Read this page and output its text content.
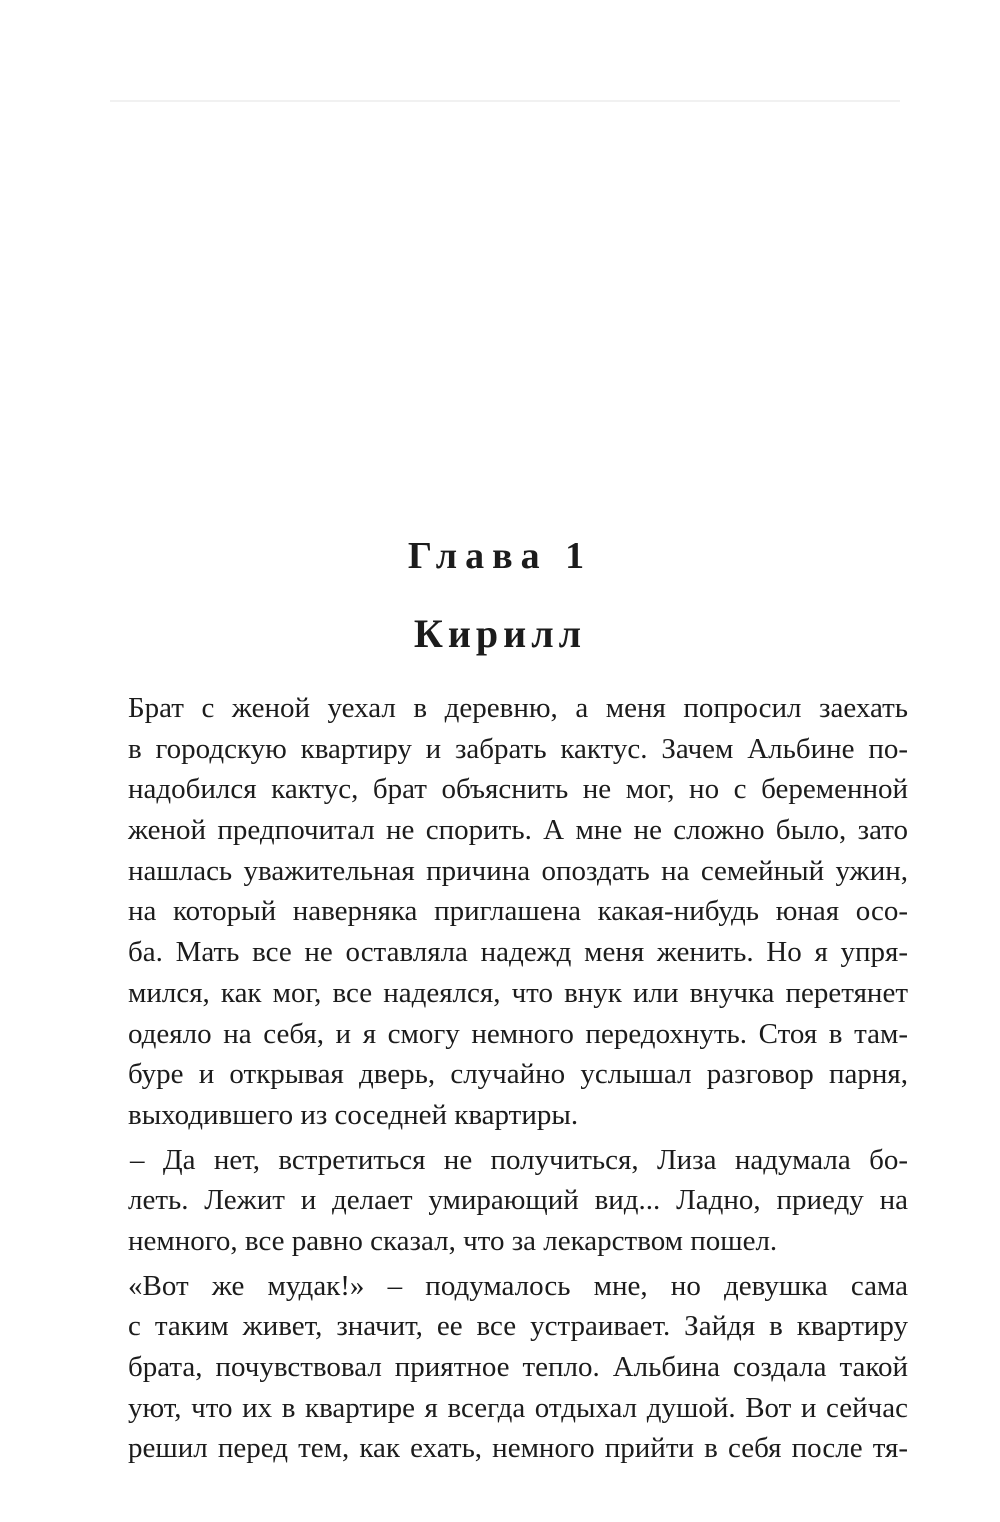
Глава 1
Кирилл
Брат с женой уехал в деревню, а меня попросил заехать
в городскую квартиру и забрать кактус. Зачем Альбине по-
надобился кактус, брат объяснить не мог, но с беременной
женой предпочитал не спорить. А мне не сложно было, зато
нашлась уважительная причина опоздать на семейный ужин,
на который наверняка приглашена какая-нибудь юная осо-
ба. Мать все не оставляла надежд меня женить. Но я упря-
мился, как мог, все надеялся, что внук или внучка перетянет
одеяло на себя, и я смогу немного передохнуть. Стоя в там-
буре и открывая дверь, случайно услышал разговор парня,
выходившего из соседней квартиры.
– Да нет, встретиться не получиться, Лиза надумала бо-
леть. Лежит и делает умирающий вид... Ладно, приеду на
немного, все равно сказал, что за лекарством пошел.
«Вот же мудак!» – подумалось мне, но девушка сама
с таким живет, значит, ее все устраивает. Зайдя в квартиру
брата, почувствовал приятное тепло. Альбина создала такой
уют, что их в квартире я всегда отдыхал душой. Вот и сейчас
решил перед тем, как ехать, немного прийти в себя после тя-
